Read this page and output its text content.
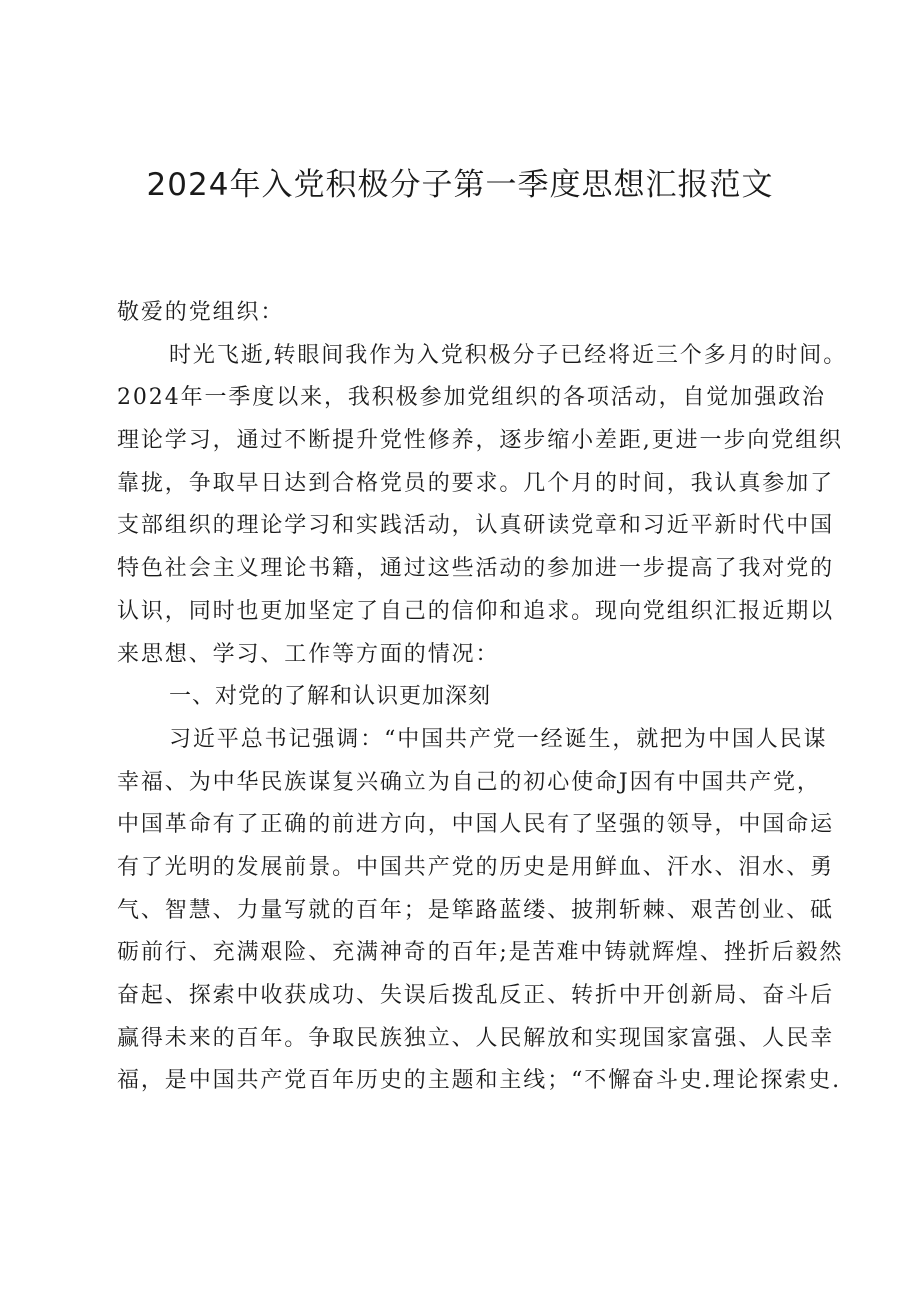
2024年入党积极分子第一季度思想汇报范文
敬爱的党组织：
时光飞逝,转眼间我作为入党积极分子已经将近三个多月的时间。
2024年一季度以来，我积极参加党组织的各项活动，自觉加强政治
理论学习，通过不断提升党性修养，逐步缩小差距,更进一步向党组织
靠拢，争取早日达到合格党员的要求。几个月的时间，我认真参加了
支部组织的理论学习和实践活动，认真研读党章和习近平新时代中国
特色社会主义理论书籍，通过这些活动的参加进一步提高了我对党的
认识，同时也更加坚定了自己的信仰和追求。现向党组织汇报近期以
来思想、学习、工作等方面的情况：
一、对党的了解和认识更加深刻
习近平总书记强调：“中国共产党一经诞生，就把为中国人民谋
幸福、为中华民族谋复兴确立为自己的初心使命J因有中国共产党，
中国革命有了正确的前进方向，中国人民有了坚强的领导，中国命运
有了光明的发展前景。中国共产党的历史是用鲜血、汗水、泪水、勇
气、智慧、力量写就的百年；是筚路蓝缕、披荆斩棘、艰苦创业、砥
砺前行、充满艰险、充满神奇的百年;是苦难中铸就辉煌、挫折后毅然
奋起、探索中收获成功、失误后拨乱反正、转折中开创新局、奋斗后
赢得未来的百年。争取民族独立、人民解放和实现国家富强、人民幸
福，是中国共产党百年历史的主题和主线；“不懈奋斗史.理论探索史.
